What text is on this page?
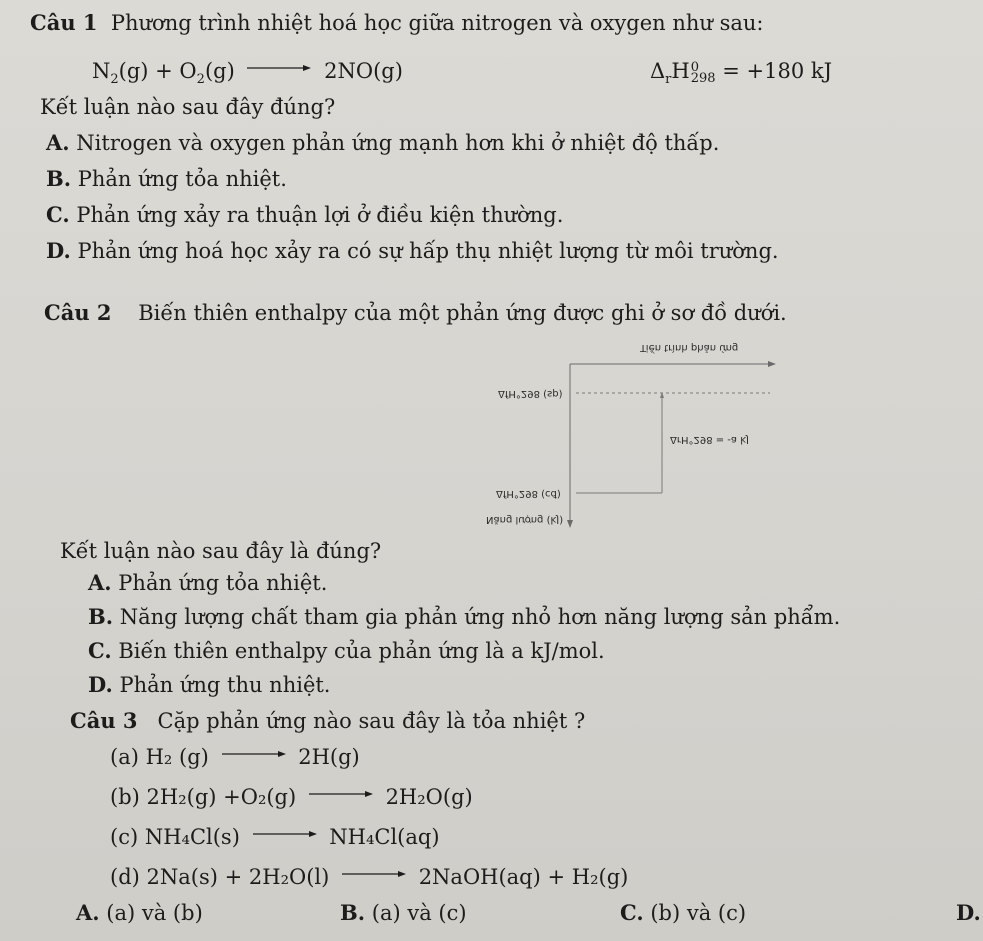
Câu 1 Phương trình nhiệt hoá học giữa nitrogen và oxygen như sau:
$N_2(g) + O_2(g) \to 2NO(g)$	$\Delta_rH$ 0
298 = +180 kJ
Kết luận nào sau đây đúng?
A. Nitrogen và oxygen phản ứng mạnh hơn khi ở nhiệt độ thấp.
B. Phản ứng tỏa nhiệt.
C. Phản ứng xảy ra thuận lợi ở điều kiện thường.
D. Phản ứng hoá học xảy ra có sự hấp thụ nhiệt lượng từ môi trường.
Câu 2 Biến thiên enthalpy của một phản ứng được ghi ở sơ đồ dưới.
Tiến trình phản ứng
ΔfH°298 (sp)
ΔrH°298 = -a kJ
ΔfH°298 (cđ)
Năng lượng (kJ)
Kết luận nào sau đây là đúng?
A. Phản ứng tỏa nhiệt.
B. Năng lượng chất tham gia phản ứng nhỏ hơn năng lượng sản phẩm.
C. Biến thiên enthalpy của phản ứng là a kJ/mol.
D. Phản ứng thu nhiệt.
Câu 3 Cặp phản ứng nào sau đây là tỏa nhiệt ?
(a) H₂ (g) → 2H(g)
(b) 2H₂(g) +O₂(g) → 2H₂O(g)
(c) NH₄Cl(s) → NH₄Cl(aq)
(d) 2Na(s) + 2H₂O(l) → 2NaOH(aq) + H₂(g)
A. (a) và (b)	B. (a) và (c)	C. (b) và (c)	D.
